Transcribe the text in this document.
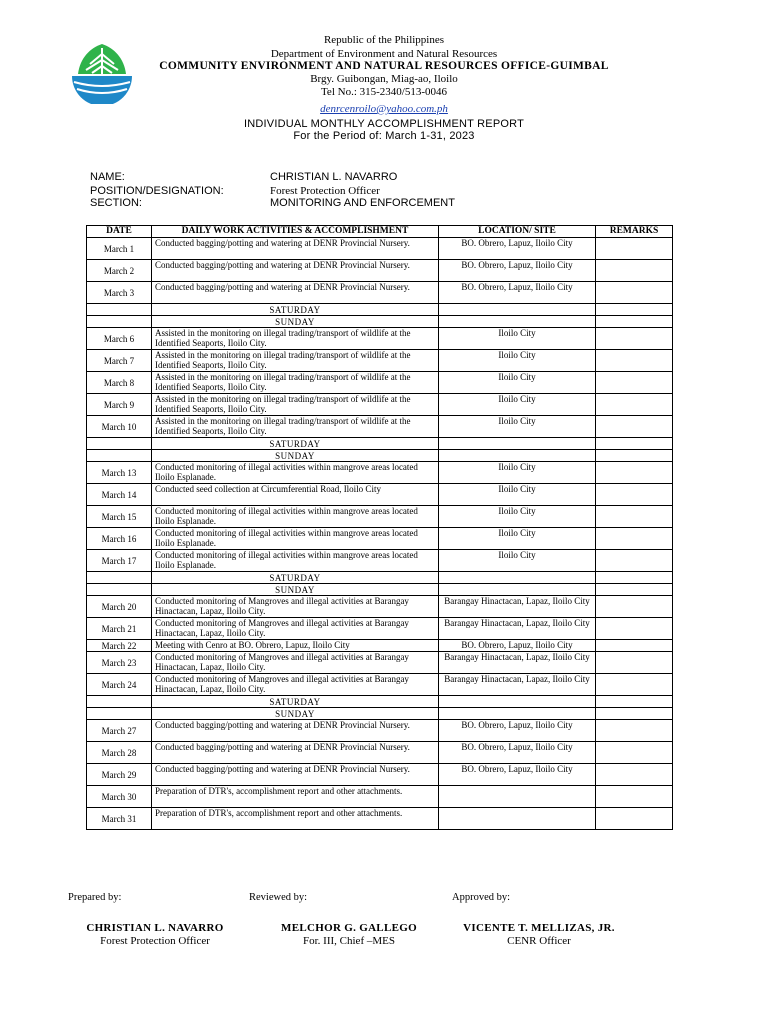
Republic of the Philippines
Department of Environment and Natural Resources
COMMUNITY ENVIRONMENT AND NATURAL RESOURCES OFFICE-GUIMBAL
Brgy. Guibongan, Miag-ao, Iloilo
Tel No.: 315-2340/513-0046
denrcenroilo@yahoo.com.ph
INDIVIDUAL MONTHLY ACCOMPLISHMENT REPORT
For the Period of: March 1-31, 2023
NAME:	CHRISTIAN L. NAVARRO
POSITION/DESIGNATION:	Forest Protection Officer
SECTION:	MONITORING AND ENFORCEMENT
DATE	DAILY WORK ACTIVITIES & ACCOMPLISHMENT	LOCATION/ SITE	REMARKS
March 1	Conducted bagging/potting and watering at DENR Provincial Nursery.	BO. Obrero, Lapuz, Iloilo City	
March 2	Conducted bagging/potting and watering at DENR Provincial Nursery.	BO. Obrero, Lapuz, Iloilo City	
March 3	Conducted bagging/potting and watering at DENR Provincial Nursery.	BO. Obrero, Lapuz, Iloilo City	
	SATURDAY		
	SUNDAY		
March 6	Assisted in the monitoring on illegal trading/transport of wildlife at the Identified Seaports, Iloilo City.	Iloilo City	
March 7	Assisted in the monitoring on illegal trading/transport of wildlife at the Identified Seaports, Iloilo City.	Iloilo City	
March 8	Assisted in the monitoring on illegal trading/transport of wildlife at the Identified Seaports, Iloilo City.	Iloilo City	
March 9	Assisted in the monitoring on illegal trading/transport of wildlife at the Identified Seaports, Iloilo City.	Iloilo City	
March 10	Assisted in the monitoring on illegal trading/transport of wildlife at the Identified Seaports, Iloilo City.	Iloilo City	
	SATURDAY		
	SUNDAY		
March 13	Conducted monitoring of illegal activities within mangrove areas located Iloilo Esplanade.	Iloilo City	
March 14	Conducted seed collection at Circumferential Road, Iloilo City	Iloilo City	
March 15	Conducted monitoring of illegal activities within mangrove areas located Iloilo Esplanade.	Iloilo City	
March 16	Conducted monitoring of illegal activities within mangrove areas located Iloilo Esplanade.	Iloilo City	
March 17	Conducted monitoring of illegal activities within mangrove areas located Iloilo Esplanade.	Iloilo City	
	SATURDAY		
	SUNDAY		
March 20	Conducted monitoring of Mangroves and illegal activities at Barangay Hinactacan, Lapaz, Iloilo City.	Barangay Hinactacan, Lapaz, Iloilo City	
March 21	Conducted monitoring of Mangroves and illegal activities at Barangay Hinactacan, Lapaz, Iloilo City.	Barangay Hinactacan, Lapaz, Iloilo City	
March 22	Meeting with Cenro at BO. Obrero, Lapuz, Iloilo City	BO. Obrero, Lapuz, Iloilo City	
March 23	Conducted monitoring of Mangroves and illegal activities at Barangay Hinactacan, Lapaz, Iloilo City.	Barangay Hinactacan, Lapaz, Iloilo City	
March 24	Conducted monitoring of Mangroves and illegal activities at Barangay Hinactacan, Lapaz, Iloilo City.	Barangay Hinactacan, Lapaz, Iloilo City	
	SATURDAY		
	SUNDAY		
March 27	Conducted bagging/potting and watering at DENR Provincial Nursery.	BO. Obrero, Lapuz, Iloilo City	
March 28	Conducted bagging/potting and watering at DENR Provincial Nursery.	BO. Obrero, Lapuz, Iloilo City	
March 29	Conducted bagging/potting and watering at DENR Provincial Nursery.	BO. Obrero, Lapuz, Iloilo City	
March 30	Preparation of DTR's, accomplishment report and other attachments.		
March 31	Preparation of DTR's, accomplishment report and other attachments.		
Prepared by:	Reviewed by:	Approved by:
CHRISTIAN L. NAVARRO	MELCHOR G. GALLEGO	VICENTE T. MELLIZAS, JR.
Forest Protection Officer	For. III, Chief –MES	CENR Officer
